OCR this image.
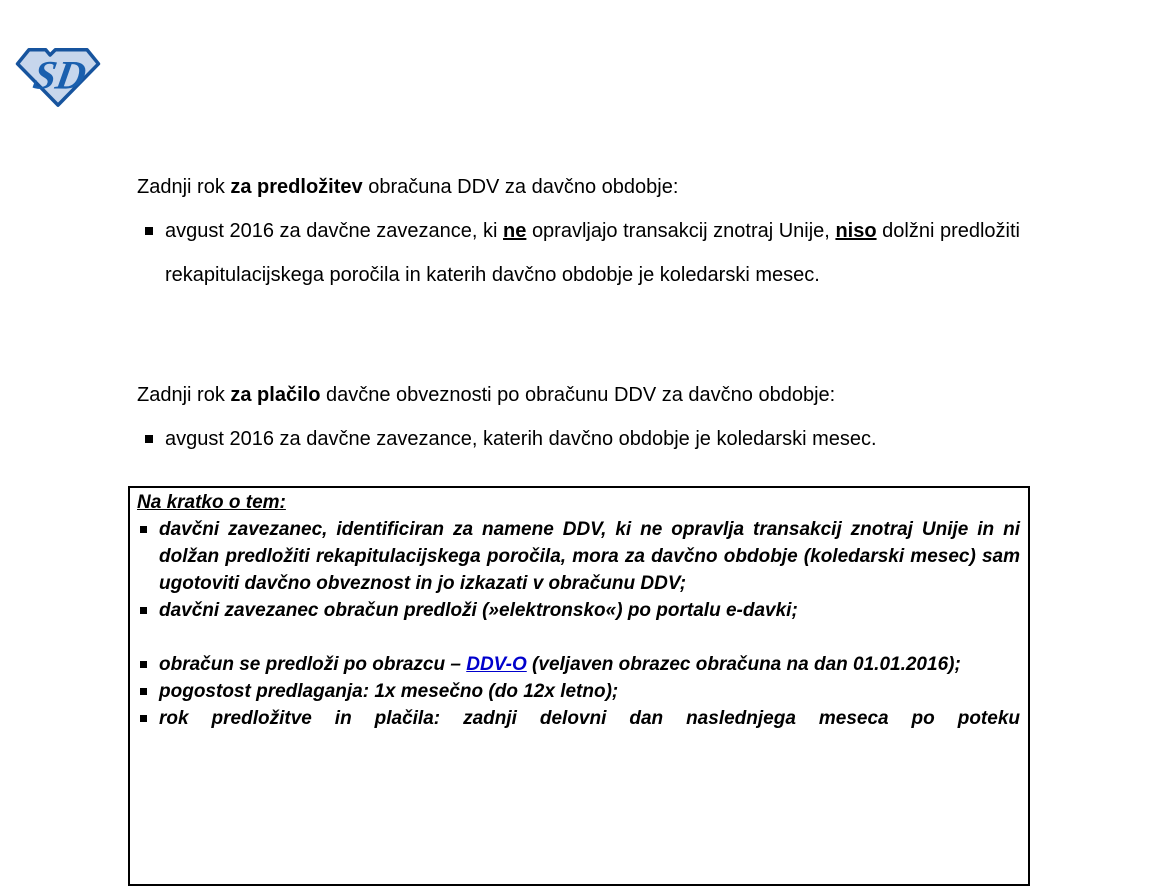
SD
Zadnji rok za predložitev obračuna DDV za davčno obdobje:
avgust 2016 za davčne zavezance, ki ne opravljajo transakcij znotraj Unije, niso dolžni predložiti rekapitulacijskega poročila in katerih davčno obdobje je koledarski mesec.
Zadnji rok za plačilo davčne obveznosti po obračunu DDV za davčno obdobje:
avgust 2016 za davčne zavezance, katerih davčno obdobje je koledarski mesec.
Na kratko o tem:
davčni zavezanec, identificiran za namene DDV, ki ne opravlja transakcij znotraj Unije in ni dolžan predložiti rekapitulacijskega poročila, mora za davčno obdobje (koledarski mesec) sam ugotoviti davčno obveznost in jo izkazati v obračunu DDV;
davčni zavezanec obračun predloži (»elektronsko«) po portalu e-davki;
obračun se predloži po obrazcu – DDV-O (veljaven obrazec obračuna na dan 01.01.2016);
pogostost predlaganja: 1x mesečno (do 12x letno);
rok predložitve in plačila: zadnji delovni dan naslednjega meseca po poteku
